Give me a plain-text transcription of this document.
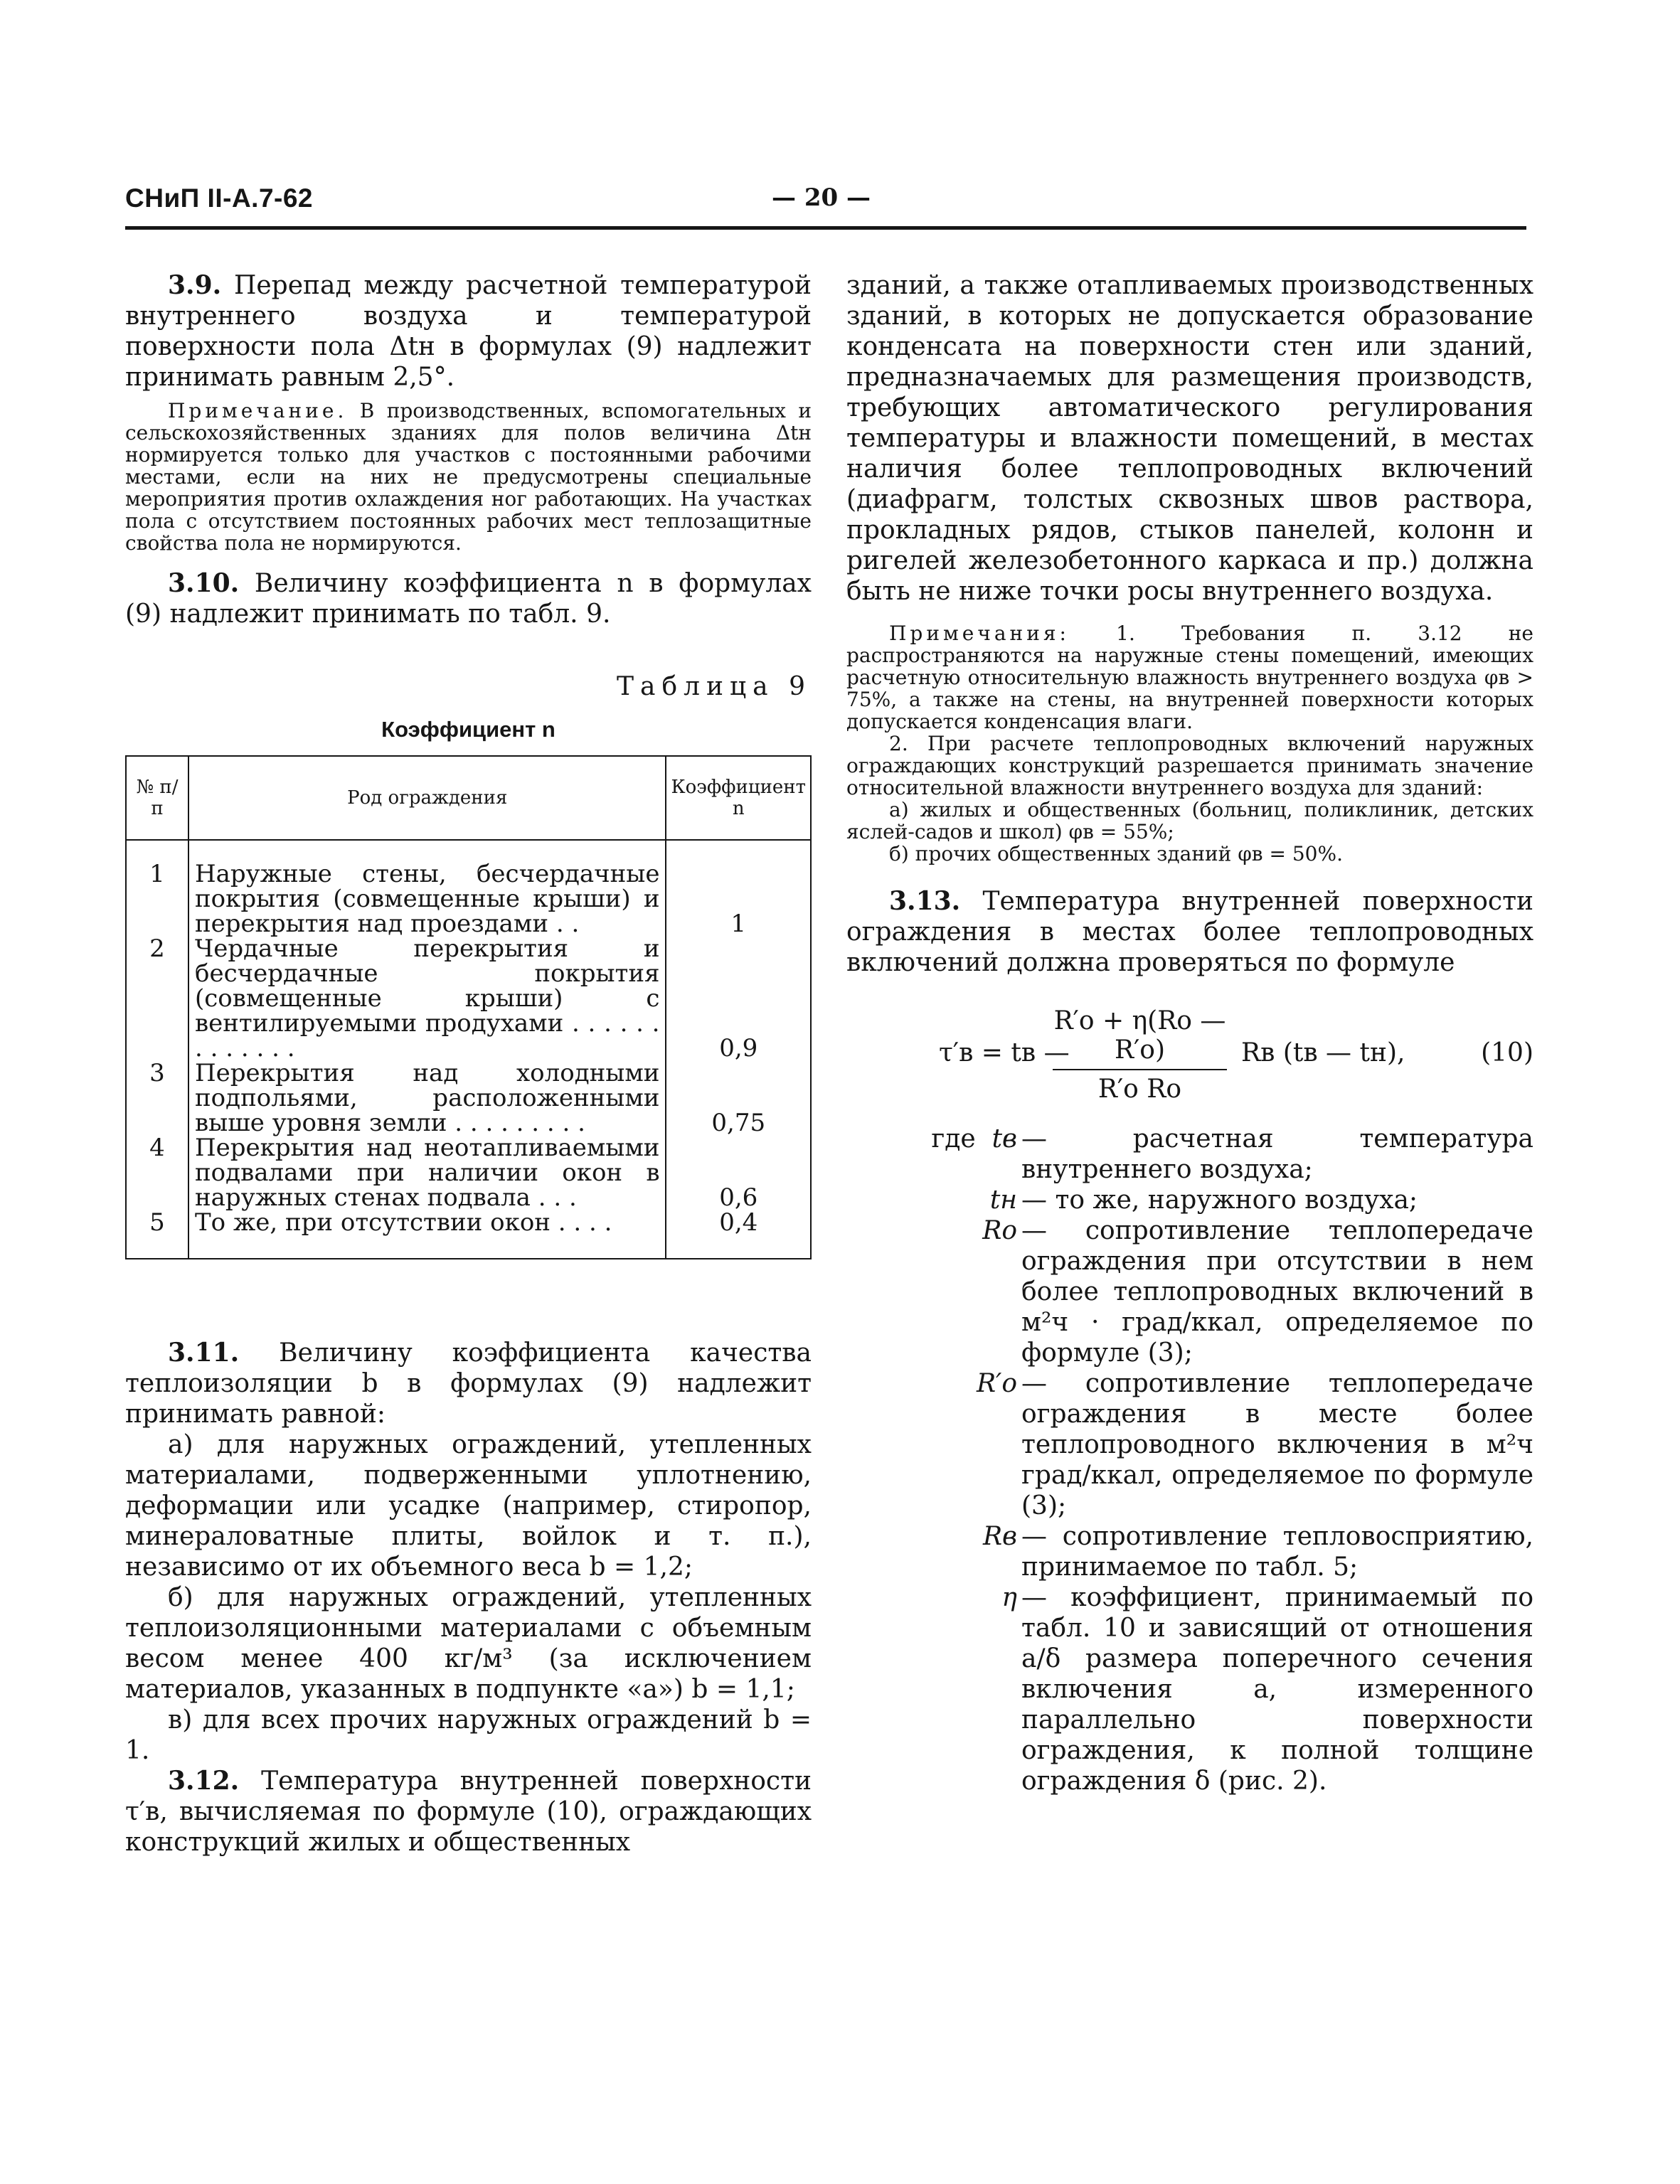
СНиП II-А.7-62	— 20 —

3.9. Перепад между расчетной температурой внутреннего воздуха и температурой поверхности пола Δtн в формулах (9) надлежит принимать равным 2,5°.

Примечание. В производственных, вспомогательных и сельскохозяйственных зданиях для полов величина Δtн нормируется только для участков с постоянными рабочими местами, если на них не предусмотрены специальные мероприятия против охлаждения ног работающих. На участках пола с отсутствием постоянных рабочих мест теплозащитные свойства пола не нормируются.

3.10. Величину коэффициента n в формулах (9) надлежит принимать по табл. 9.

Таблица 9
Коэффициент n
№ п/п	Род ограждения	Коэффициент n
1	Наружные стены, бесчердачные покрытия (совмещенные крыши) и перекрытия над проездами . .	1
2	Чердачные перекрытия и бесчердачные покрытия (совмещенные крыши) с вентилируемыми продухами . . . . . . . . . . . . .	0,9
3	Перекрытия над холодными подпольями, расположенными выше уровня земли . . . . . . . . .	0,75
4	Перекрытия над неотапливаемыми подвалами при наличии окон в наружных стенах подвала . . .	0,6
5	То же, при отсутствии окон . . . .	0,4

3.11. Величину коэффициента качества теплоизоляции b в формулах (9) надлежит принимать равной:

а) для наружных ограждений, утепленных материалами, подверженными уплотнению, деформации или усадке (например, стиропор, минераловатные плиты, войлок и т. п.), независимо от их объемного веса b = 1,2;

б) для наружных ограждений, утепленных теплоизоляционными материалами с объемным весом менее 400 кг/м³ (за исключением материалов, указанных в подпункте «а») b = 1,1;

в) для всех прочих наружных ограждений b = 1.

3.12. Температура внутренней поверхности τ′в, вычисляемая по формуле (10), ограждающих конструкций жилых и общественных

зданий, а также отапливаемых производственных зданий, в которых не допускается образование конденсата на поверхности стен или зданий, предназначаемых для размещения производств, требующих автоматического регулирования температуры и влажности помещений, в местах наличия более теплопроводных включений (диафрагм, толстых сквозных швов раствора, прокладных рядов, стыков панелей, колонн и ригелей железобетонного каркаса и пр.) должна быть не ниже точки росы внутреннего воздуха.

Примечания: 1. Требования п. 3.12 не распространяются на наружные стены помещений, имеющих расчетную относительную влажность внутреннего воздуха φв > 75%, а также на стены, на внутренней поверхности которых допускается конденсация влаги.

2. При расчете теплопроводных включений наружных ограждающих конструкций разрешается принимать значение относительной влажности внутреннего воздуха для зданий:

а) жилых и общественных (больниц, поликлиник, детских яслей-садов и школ) φв = 55%;

б) прочих общественных зданий φв = 50%.

3.13. Температура внутренней поверхности ограждения в местах более теплопроводных включений должна проверяться по формуле

τ′в = tв —
R′о + η(Rо — R′о)
R′о Rо
Rв (tв — tн),	(10)
где tв — расчетная температура внутреннего воздуха;
tн — то же, наружного воздуха;
Rо — сопротивление теплопередаче ограждения при отсутствии в нем более теплопроводных включений в м²ч · град/ккал, определяемое по формуле (3);
R′о — сопротивление теплопередаче ограждения в месте более теплопроводного включения в м²ч град/ккал, определяемое по формуле (3);
Rв — сопротивление тепловосприятию, принимаемое по табл. 5;
η — коэффициент, принимаемый по табл. 10 и зависящий от отношения a/δ размера поперечного сечения включения a, измеренного параллельно поверхности ограждения, к полной толщине ограждения δ (рис. 2).
